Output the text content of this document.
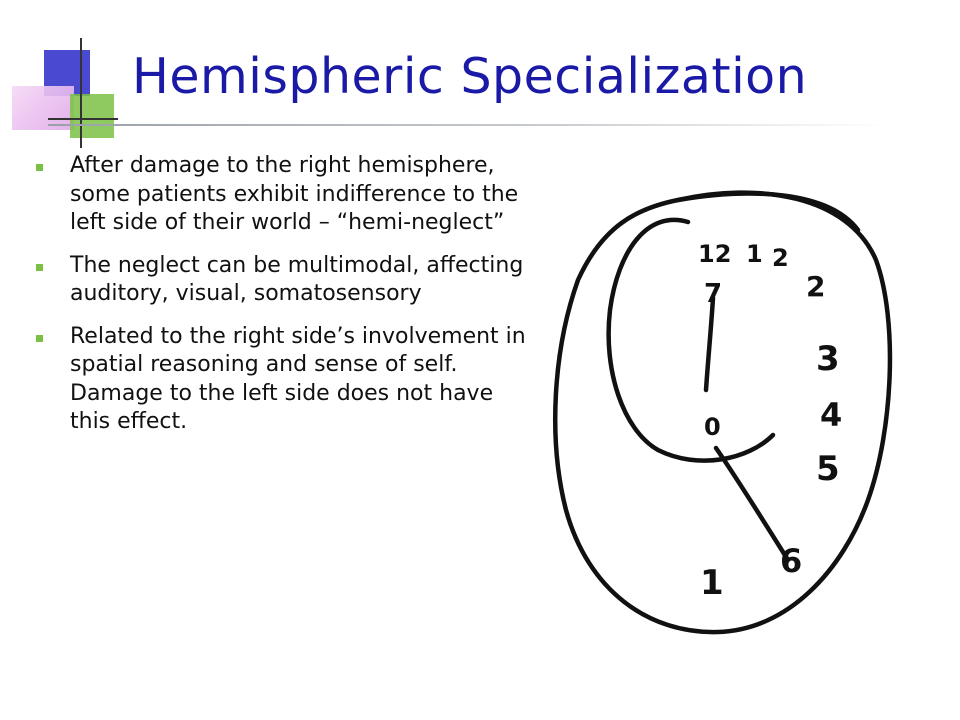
Hemispheric Specialization
After damage to the right hemisphere, some patients exhibit indifference to the left side of their world – “hemi-neglect”
The neglect can be multimodal, affecting auditory, visual, somatosensory
Related to the right side’s involvement in spatial reasoning and sense of self. Damage to the left side does not have this effect.
12 1 2
2
3
4
5
6
0
1
7
